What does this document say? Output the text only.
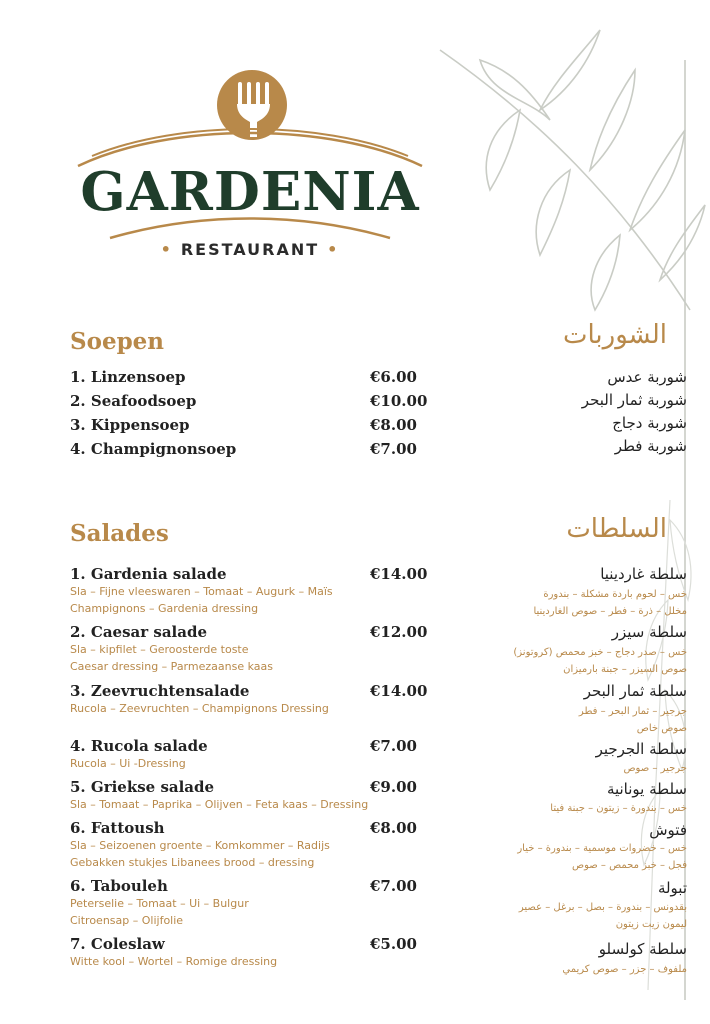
GARDENIA
• RESTAURANT •
Soepen	الشوربات
1. Linzensoep	€6.00
2. Seafoodsoep	€10.00
3. Kippensoep	€8.00
4. Champignonsoep	€7.00
شوربة عدس
شوربة ثمار البحر
شوربة دجاج
شوربة فطر
Salades	السلطات
1. Gardenia salade	€14.00
Sla – Fijne vleeswaren – Tomaat – Augurk – Maïs
Champignons – Gardenia dressing
سلطة غاردينيا
خس – لحوم باردة مشكلة – بندورة
مخلل – ذرة – فطر – صوص الغاردينيا
2. Caesar salade	€12.00
Sla – kipfilet – Geroosterde toste
Caesar dressing – Parmezaanse kaas
سلطة سيزر
خس – صدر دجاج – خبز محمص (كروتونز)
صوص السيزر – جبنة بارميزان
3. Zeevruchtensalade	€14.00
Rucola – Zeevruchten – Champignons Dressing
سلطة ثمار البحر
جرجير – ثمار البحر – فطر
صوص خاص
4. Rucola salade	€7.00
Rucola – Ui -Dressing
سلطة الجرجير
جرجير – صوص
5. Griekse salade	€9.00
Sla – Tomaat – Paprika – Olijven – Feta kaas – Dressing
سلطة يونانية
خس – بندورة – زيتون – جبنة فيتا
6. Fattoush	€8.00
Sla – Seizoenen groente – Komkommer – Radijs
Gebakken stukjes Libanees brood – dressing
فتوش
خس – خضروات موسمية – بندورة – خيار
فجل – خبز محمص – صوص
6. Tabouleh	€7.00
Peterselie – Tomaat – Ui – Bulgur
Citroensap – Olijfolie
تبولة
بقدونس – بندورة – بصل – برغل – عصير
ليمون زيت زيتون
7. Coleslaw	€5.00
Witte kool – Wortel – Romige dressing
سلطة كولسلو
ملفوف – جزر – صوص كريمي
